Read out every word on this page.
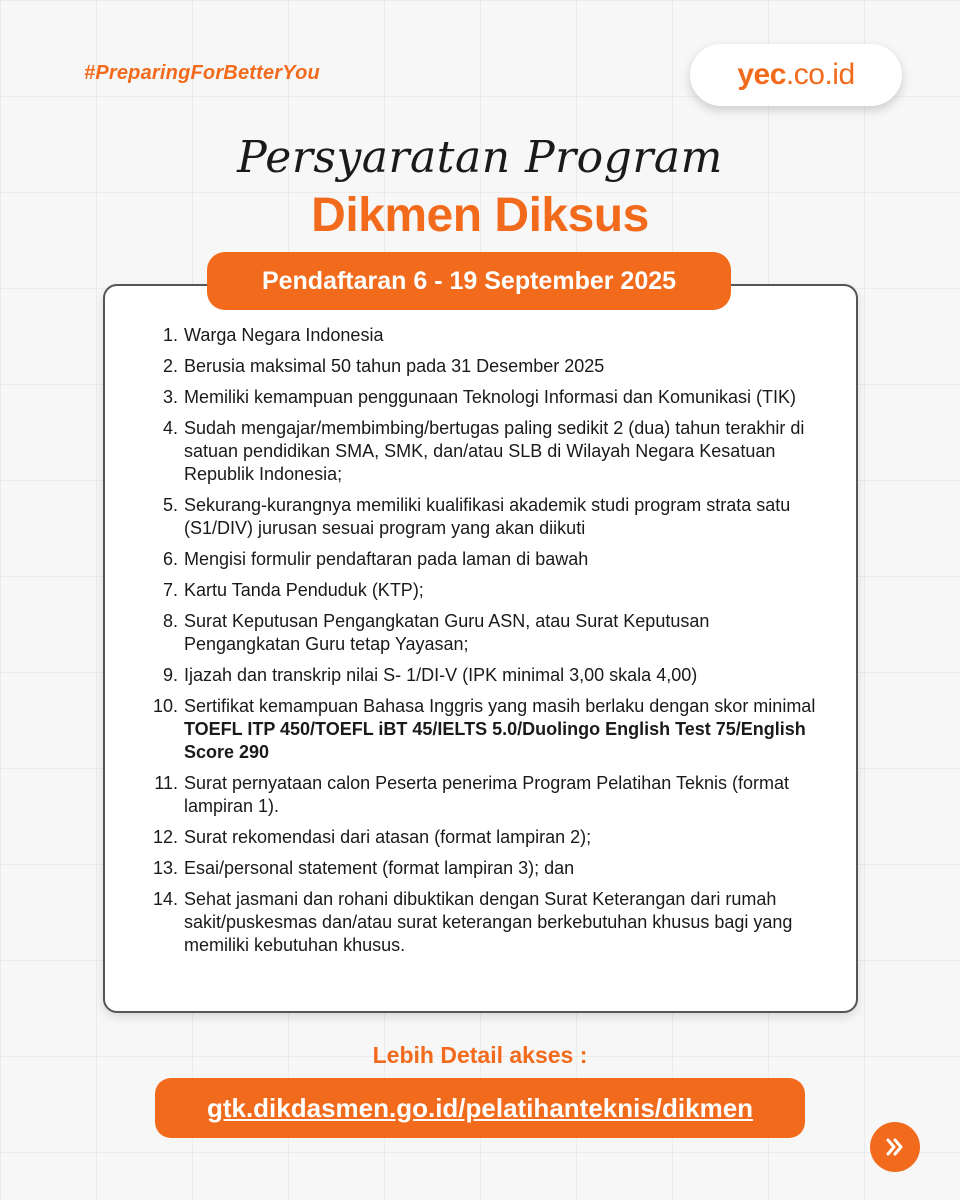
#PreparingForBetterYou	yec .co.id
Persyaratan Program
Dikmen Diksus
Pendaftaran 6 - 19 September 2025
1. Warga Negara Indonesia
2. Berusia maksimal 50 tahun pada 31 Desember 2025
3. Memiliki kemampuan penggunaan Teknologi Informasi dan Komunikasi (TIK)
4. Sudah mengajar/membimbing/bertugas paling sedikit 2 (dua) tahun terakhir di satuan pendidikan SMA, SMK, dan/atau SLB di Wilayah Negara Kesatuan Republik Indonesia;
5. Sekurang-kurangnya memiliki kualifikasi akademik studi program strata satu (S1/DIV) jurusan sesuai program yang akan diikuti
6. Mengisi formulir pendaftaran pada laman di bawah
7. Kartu Tanda Penduduk (KTP);
8. Surat Keputusan Pengangkatan Guru ASN, atau Surat Keputusan Pengangkatan Guru tetap Yayasan;
9. Ijazah dan transkrip nilai S- 1/DI-V (IPK minimal 3,00 skala 4,00)
10. Sertifikat kemampuan Bahasa Inggris yang masih berlaku dengan skor minimal TOEFL ITP 450/TOEFL iBT 45/IELTS 5.0/Duolingo English Test 75/English Score 290
11. Surat pernyataan calon Peserta penerima Program Pelatihan Teknis (format lampiran 1).
12. Surat rekomendasi dari atasan (format lampiran 2);
13. Esai/personal statement (format lampiran 3); dan
14. Sehat jasmani dan rohani dibuktikan dengan Surat Keterangan dari rumah sakit/puskesmas dan/atau surat keterangan berkebutuhan khusus bagi yang memiliki kebutuhan khusus.
Lebih Detail akses :
gtk.dikdasmen.go.id/pelatihanteknis/dikmen
